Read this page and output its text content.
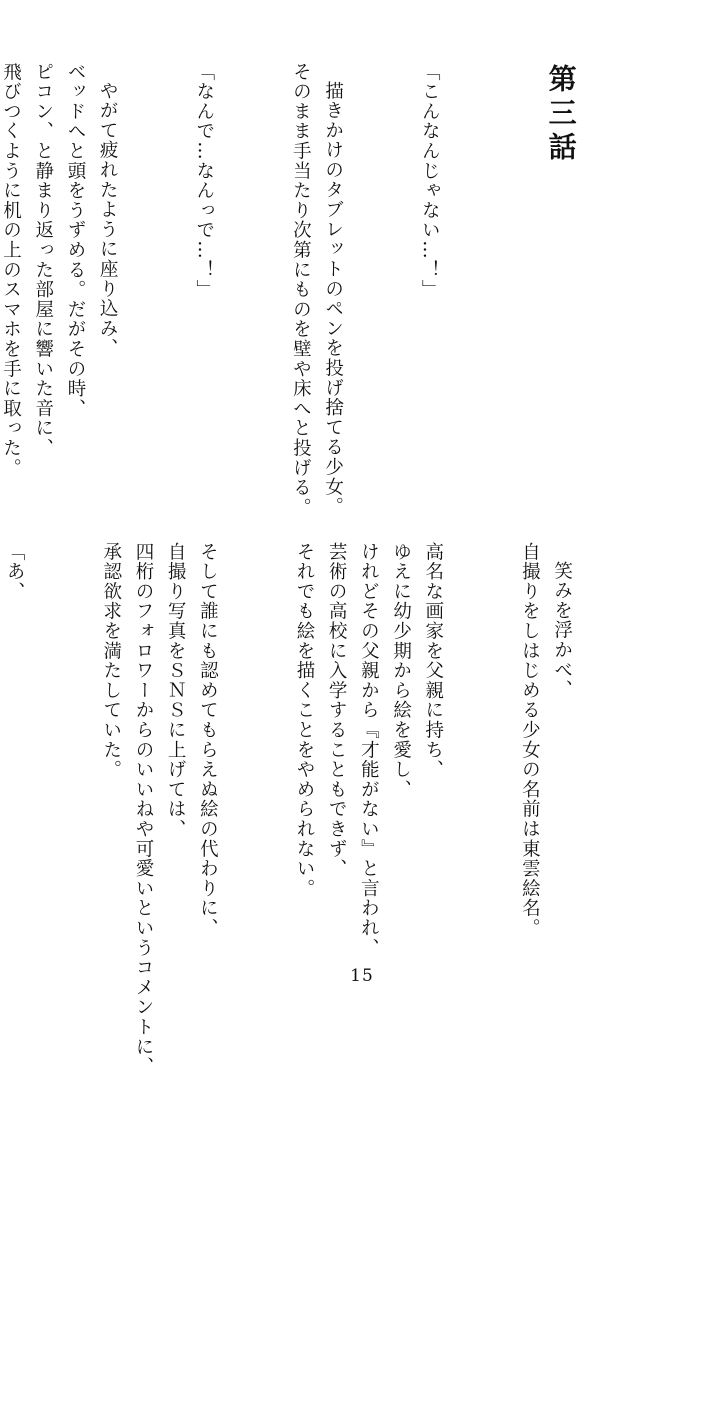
第三話

「こんなんじゃない…！」

描きかけのタブレットのペンを投げ捨てる少女。そのまま手当たり次第にものを壁や床へと投げる。

「なんで…なんっで…！」

やがて疲れたように座り込み、ベッドへと頭をうずめる。だがその時、ピコン、と静まり返った部屋に響いた音に、飛びつくように机の上のスマホを手に取った。

笑みを浮かべ、自撮りをしはじめる少女の名前は東雲絵名。

高名な画家を父親に持ち、ゆえに幼少期から絵を愛し、けれどその父親から『才能がない』と言われ、芸術の高校に入学することもできず、それでも絵を描くことをやめられない。

そして誰にも認めてもらえぬ絵の代わりに、自撮り写真をＳＮＳに上げては、四桁のフォロワーからのいいねや可愛いというコメントに、承認欲求を満たしていた。

「あ、

15
